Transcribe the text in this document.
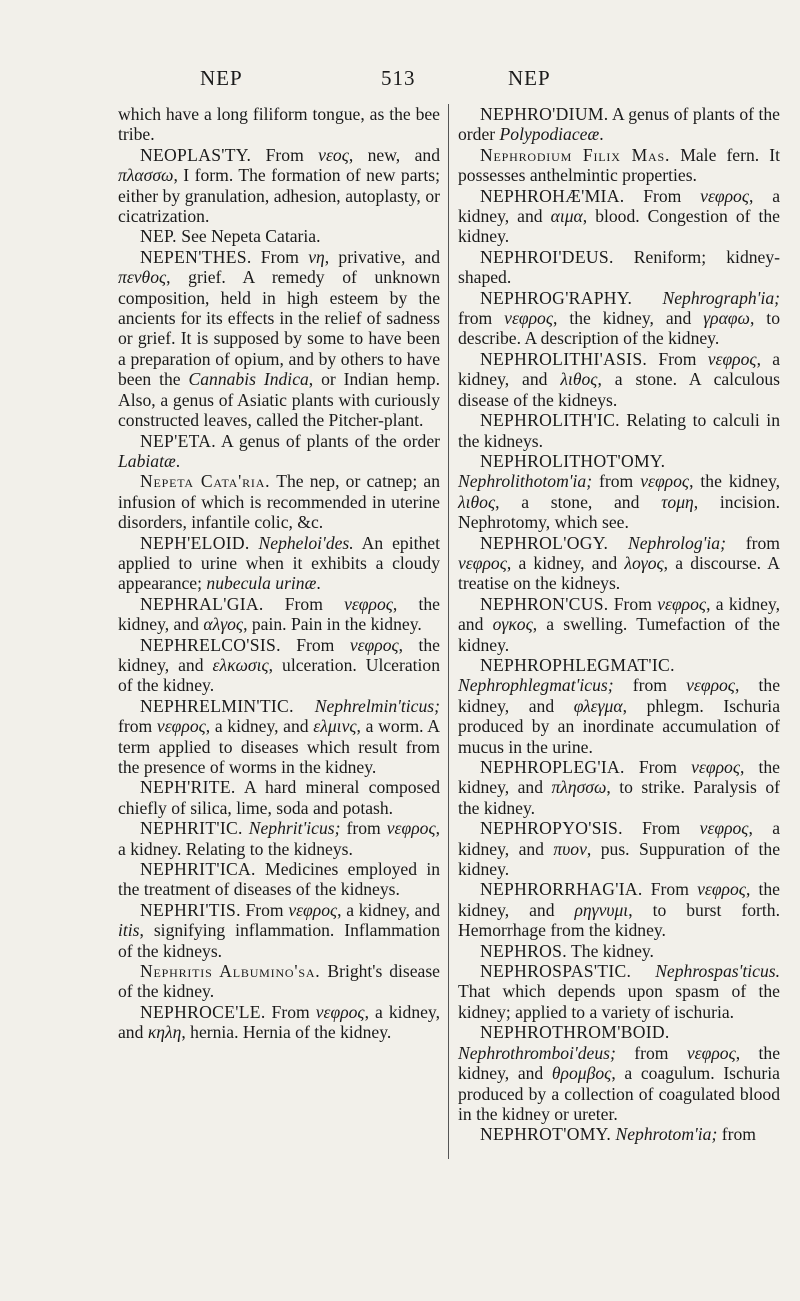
NEP	513	NEP

which have a long filiform tongue, as the bee tribe.

NEOPLAS'TY. From νεος, new, and πλασσω, I form. The formation of new parts; either by granulation, adhesion, autoplasty, or cicatrization.

NEP. See Nepeta Cataria.

NEPEN'THES. From νη, privative, and πενθος, grief. A remedy of unknown composition, held in high esteem by the ancients for its effects in the relief of sadness or grief. It is supposed by some to have been a preparation of opium, and by others to have been the Cannabis Indica, or Indian hemp. Also, a genus of Asiatic plants with curiously constructed leaves, called the Pitcher-plant.

NEP'ETA. A genus of plants of the order Labiatæ.

Nepeta Cata'ria. The nep, or catnep; an infusion of which is recommended in uterine disorders, infantile colic, &c.

NEPH'ELOID. Nepheloi'des. An epithet applied to urine when it exhibits a cloudy appearance; nubecula urinæ.

NEPHRAL'GIA. From νεφρος, the kidney, and αλγος, pain. Pain in the kidney.

NEPHRELCO'SIS. From νεφρος, the kidney, and ελκωσις, ulceration. Ulceration of the kidney.

NEPHRELMIN'TIC. Nephrelmin'ticus; from νεφρος, a kidney, and ελμινς, a worm. A term applied to diseases which result from the presence of worms in the kidney.

NEPH'RITE. A hard mineral composed chiefly of silica, lime, soda and potash.

NEPHRIT'IC. Nephrit'icus; from νεφρος, a kidney. Relating to the kidneys.

NEPHRIT'ICA. Medicines employed in the treatment of diseases of the kidneys.

NEPHRI'TIS. From νεφρος, a kidney, and itis, signifying inflammation. Inflammation of the kidneys.

Nephritis Albumino'sa. Bright's disease of the kidney.

NEPHROCE'LE. From νεφρος, a kidney, and κηλη, hernia. Hernia of the kidney.

NEPHRO'DIUM. A genus of plants of the order Polypodiaceæ.

Nephrodium Filix Mas. Male fern. It possesses anthelmintic properties.

NEPHROHÆ'MIA. From νεφρος, a kidney, and αιμα, blood. Congestion of the kidney.

NEPHROI'DEUS. Reniform; kidney-shaped.

NEPHROG'RAPHY. Nephrograph'ia; from νεφρος, the kidney, and γραφω, to describe. A description of the kidney.

NEPHROLITHI'ASIS. From νεφρος, a kidney, and λιθος, a stone. A calculous disease of the kidneys.

NEPHROLITH'IC. Relating to calculi in the kidneys.

NEPHROLITHOT'OMY. Nephrolithotom'ia; from νεφρος, the kidney, λιθος, a stone, and τομη, incision. Nephrotomy, which see.

NEPHROL'OGY. Nephrolog'ia; from νεφρος, a kidney, and λογος, a discourse. A treatise on the kidneys.

NEPHRON'CUS. From νεφρος, a kidney, and ογκος, a swelling. Tumefaction of the kidney.

NEPHROPHLEGMAT'IC. Nephrophlegmat'icus; from νεφρος, the kidney, and φλεγμα, phlegm. Ischuria produced by an inordinate accumulation of mucus in the urine.

NEPHROPLEG'IA. From νεφρος, the kidney, and πλησσω, to strike. Paralysis of the kidney.

NEPHROPYO'SIS. From νεφρος, a kidney, and πυον, pus. Suppuration of the kidney.

NEPHRORRHAG'IA. From νεφρος, the kidney, and ρηγνυμι, to burst forth. Hemorrhage from the kidney.

NEPHROS. The kidney.

NEPHROSPAS'TIC. Nephrospas'ticus. That which depends upon spasm of the kidney; applied to a variety of ischuria.

NEPHROTHROM'BOID. Nephrothromboi'deus; from νεφρος, the kidney, and θρομβος, a coagulum. Ischuria produced by a collection of coagulated blood in the kidney or ureter.

NEPHROT'OMY. Nephrotom'ia; from
